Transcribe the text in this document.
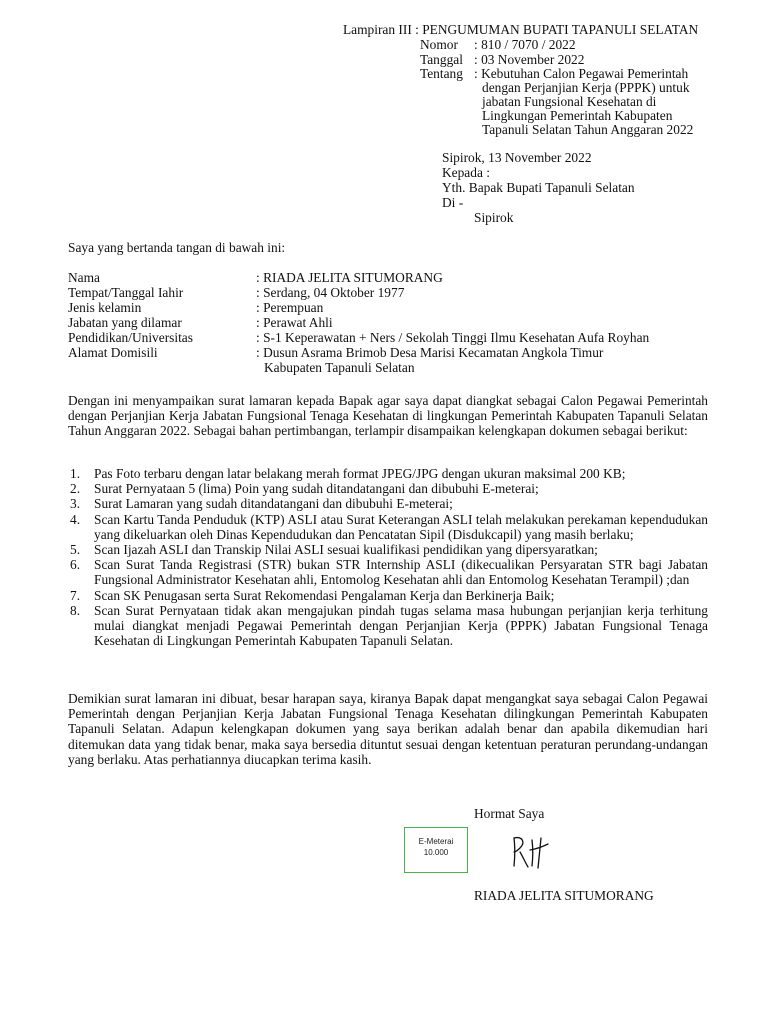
Lampiran III : PENGUMUMAN BUPATI TAPANULI SELATAN
Nomor : 810 / 7070 / 2022
Tanggal : 03 November 2022
Tentang : Kebutuhan Calon Pegawai Pemerintah
dengan Perjanjian Kerja (PPPK) untuk
jabatan Fungsional Kesehatan di
Lingkungan Pemerintah Kabupaten
Tapanuli Selatan Tahun Anggaran 2022
Sipirok, 13 November 2022
Kepada :
Yth. Bapak Bupati Tapanuli Selatan
Di -
Sipirok
Saya yang bertanda tangan di bawah ini:
Nama	: RIADA JELITA SITUMORANG
Tempat/Tanggal Iahir	: Serdang, 04 Oktober 1977
Jenis kelamin	: Perempuan
Jabatan yang dilamar	: Perawat Ahli
Pendidikan/Universitas	: S-1 Keperawatan + Ners / Sekolah Tinggi Ilmu Kesehatan Aufa Royhan
Alamat Domisili	: Dusun Asrama Brimob Desa Marisi Kecamatan Angkola Timur
Kabupaten Tapanuli Selatan
Dengan ini menyampaikan surat lamaran kepada Bapak agar saya dapat diangkat sebagai Calon Pegawai Pemerintah dengan Perjanjian Kerja Jabatan Fungsional Tenaga Kesehatan di lingkungan Pemerintah Kabupaten Tapanuli Selatan Tahun Anggaran 2022. Sebagai bahan pertimbangan, terlampir disampaikan kelengkapan dokumen sebagai berikut:
1. Pas Foto terbaru dengan latar belakang merah format JPEG/JPG dengan ukuran maksimal 200 KB;
2. Surat Pernyataan 5 (lima) Poin yang sudah ditandatangani dan dibubuhi E-meterai;
3. Surat Lamaran yang sudah ditandatangani dan dibubuhi E-meterai;
4. Scan Kartu Tanda Penduduk (KTP) ASLI atau Surat Keterangan ASLI telah melakukan perekaman kependudukan yang dikeluarkan oleh Dinas Kependudukan dan Pencatatan Sipil (Disdukcapil) yang masih berlaku;
5. Scan Ijazah ASLI dan Transkip Nilai ASLI sesuai kualifikasi pendidikan yang dipersyaratkan;
6. Scan Surat Tanda Registrasi (STR) bukan STR Internship ASLI (dikecualikan Persyaratan STR bagi Jabatan Fungsional Administrator Kesehatan ahli, Entomolog Kesehatan ahli dan Entomolog Kesehatan Terampil) ;dan
7. Scan SK Penugasan serta Surat Rekomendasi Pengalaman Kerja dan Berkinerja Baik;
8. Scan Surat Pernyataan tidak akan mengajukan pindah tugas selama masa hubungan perjanjian kerja terhitung mulai diangkat menjadi Pegawai Pemerintah dengan Perjanjian Kerja (PPPK) Jabatan Fungsional Tenaga Kesehatan di Lingkungan Pemerintah Kabupaten Tapanuli Selatan.
Demikian surat lamaran ini dibuat, besar harapan saya, kiranya Bapak dapat mengangkat saya sebagai Calon Pegawai Pemerintah dengan Perjanjian Kerja Jabatan Fungsional Tenaga Kesehatan dilingkungan Pemerintah Kabupaten Tapanuli Selatan. Adapun kelengkapan dokumen yang saya berikan adalah benar dan apabila dikemudian hari ditemukan data yang tidak benar, maka saya bersedia dituntut sesuai dengan ketentuan peraturan perundang-undangan yang berlaku. Atas perhatiannya diucapkan terima kasih.
Hormat Saya
E-Meterai
10.000
RIADA JELITA SITUMORANG
